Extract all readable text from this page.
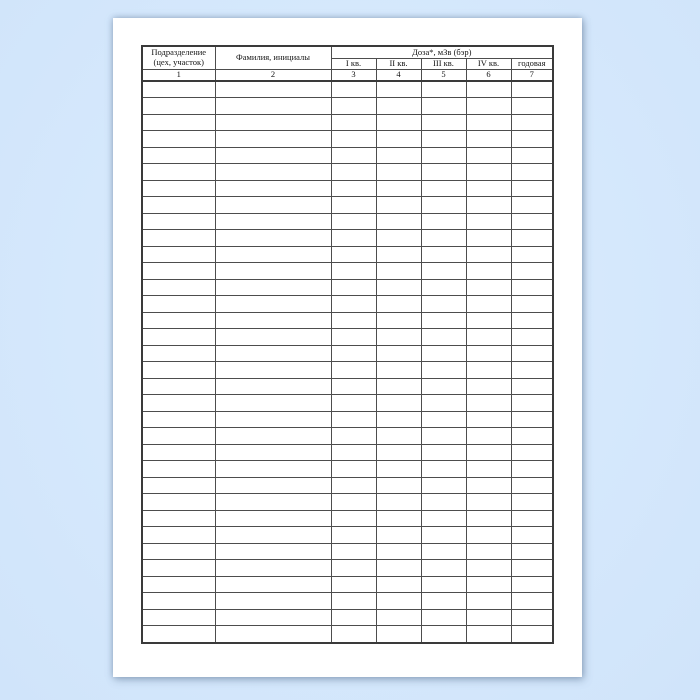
Подразделение (цех, участок)	Фамилия, инициалы	Доза*, мЗв (бэр)				
		I кв.	II кв.	III кв.	IV кв.	годовая
1	2	3	4	5	6	7
